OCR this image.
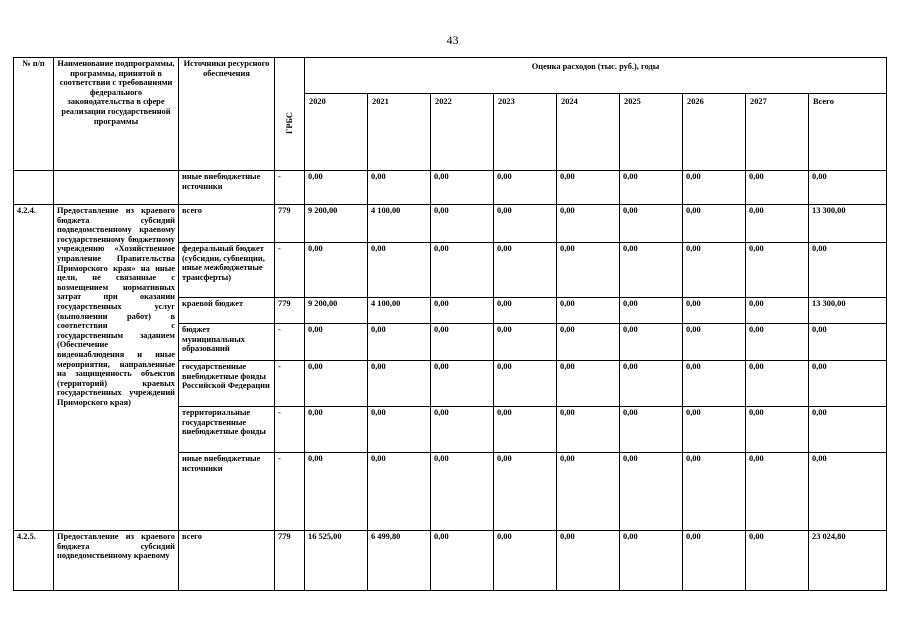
43
№ п/п	Наименование подпрограммы, программы, принятой в соответствии с требованиями федерального законодательства в сфере реализации государственной программы	Источники ресурсного обеспечения	ГРБС	Оценка расходов (тыс. руб.), годы								
				2020	2021	2022	2023	2024	2025	2026	2027	Всего
		иные внебюджетные источники	-	0,00	0,00	0,00	0,00	0,00	0,00	0,00	0,00	0,00
4.2.4.	Предоставление из краевого бюджета субсидий подведомственному краевому государственному бюджетному учреждению «Хозяйственное управление Правительства Приморского края» на иные цели, не связанные с возмещением нормативных затрат при оказании государственных услуг (выполнении работ) в соответствии с государственным заданием (Обеспечение видеонаблюдения и иные мероприятия, направленные на защищенность объектов (территорий) краевых государственных учреждений Приморского края)	всего	779	9 200,00	4 100,00	0,00	0,00	0,00	0,00	0,00	0,00	13 300,00
		федеральный бюджет (субсидии, субвенции, иные межбюджетные трансферты)	-	0,00	0,00	0,00	0,00	0,00	0,00	0,00	0,00	0,00
		краевой бюджет	779	9 200,00	4 100,00	0,00	0,00	0,00	0,00	0,00	0,00	13 300,00
		бюджет муниципальных образований	-	0,00	0,00	0,00	0,00	0,00	0,00	0,00	0,00	0,00
		государственные внебюджетные фонды Российской Федерации	-	0,00	0,00	0,00	0,00	0,00	0,00	0,00	0,00	0,00
		территориальные государственные внебюджетные фонды	-	0,00	0,00	0,00	0,00	0,00	0,00	0,00	0,00	0,00
		иные внебюджетные источники	-	0,00	0,00	0,00	0,00	0,00	0,00	0,00	0,00	0,00
4.2.5.	Предоставление из краевого бюджета субсидий подведомственному краевому	всего	779	16 525,00	6 499,80	0,00	0,00	0,00	0,00	0,00	0,00	23 024,80
